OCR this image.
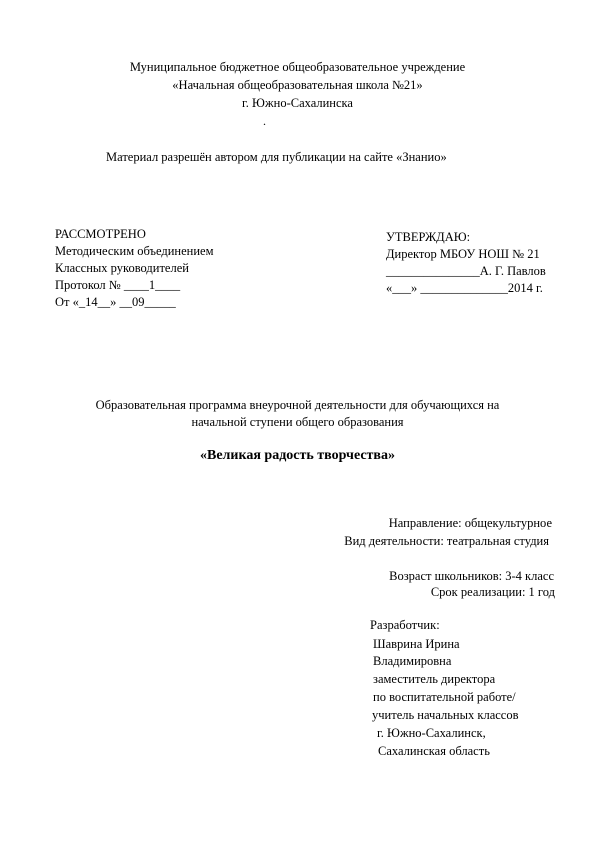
Муниципальное бюджетное общеобразовательное учреждение
«Начальная общеобразовательная школа №21»
г. Южно-Сахалинска
.
Материал разрешён автором для публикации на сайте «Знанио»
РАССМОТРЕНО
Методическим объединением
Классных руководителей
Протокол № ____1____
От «_14__» __09_____
УТВЕРЖДАЮ:
Директор МБОУ НОШ № 21
_______________А. Г. Павлов
«___» ______________2014 г.
Образовательная программа внеурочной деятельности для обучающихся на
начальной ступени общего образования
«Великая радость творчества»
Направление: общекультурное
Вид деятельности: театральная студия
Возраст школьников: 3-4 класс
Срок реализации: 1 год
Разработчик:
Шаврина Ирина
Владимировна
заместитель директора
по воспитательной работе/
учитель начальных классов
г. Южно-Сахалинск,
Сахалинская область
